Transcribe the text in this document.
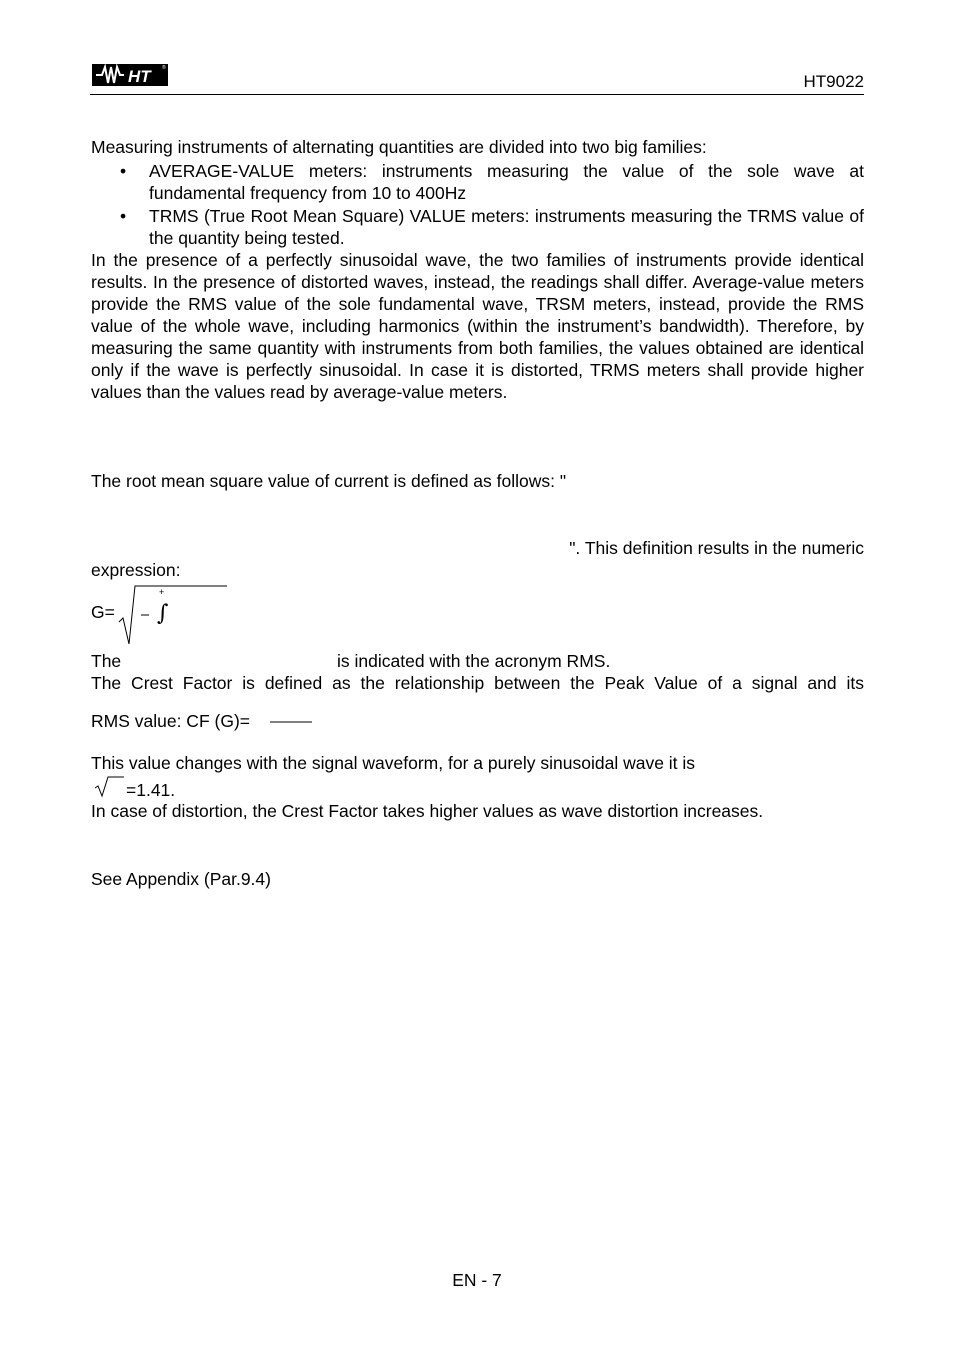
HT	®
HT9022
Measuring instruments of alternating quantities are divided into two big families:
• AVERAGE-VALUE meters: instruments measuring the value of the sole wave at fundamental frequency from 10 to 400Hz
• TRMS (True Root Mean Square) VALUE meters: instruments measuring the TRMS value of the quantity being tested.
In the presence of a perfectly sinusoidal wave, the two families of instruments provide identical results. In the presence of distorted waves, instead, the readings shall differ. Average-value meters provide the RMS value of the sole fundamental wave, TRSM meters, instead, provide the RMS value of the whole wave, including harmonics (within the instrument’s bandwidth). Therefore, by measuring the same quantity with instruments from both families, the values obtained are identical only if the wave is perfectly sinusoidal. In case it is distorted, TRMS meters shall provide higher values than the values read by average-value meters.
The root mean square value of current is defined as follows: "
". This definition results in the numeric
expression:
G= ∫
+
The	is indicated with the acronym RMS.
The Crest Factor is defined as the relationship between the Peak Value of a signal and its
RMS value: CF (G)=
This value changes with the signal waveform, for a purely sinusoidal wave it is
=1.41.
In case of distortion, the Crest Factor takes higher values as wave distortion increases.
See Appendix (Par.9.4)
EN - 7
